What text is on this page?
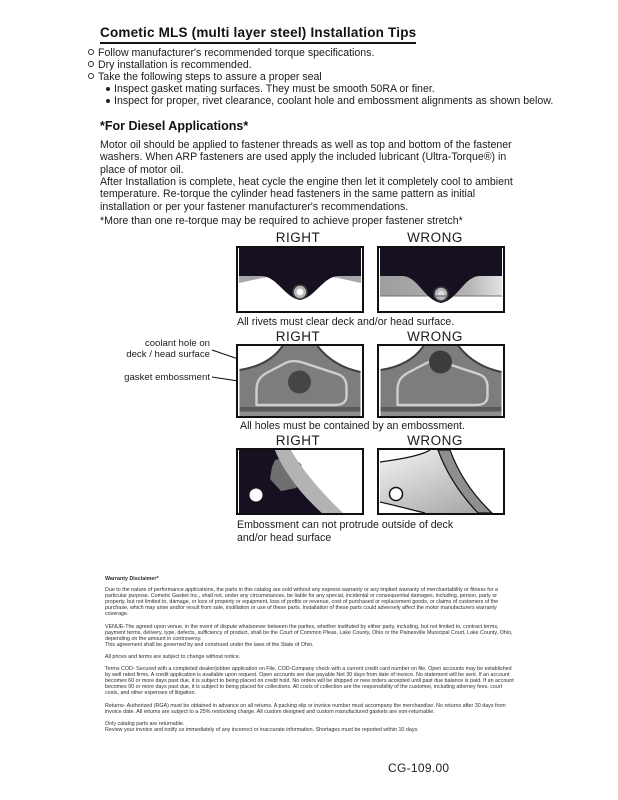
Cometic MLS (multi layer steel) Installation Tips
Follow manufacturer's recommended torque specifications.
Dry installation is recommended.
Take the following steps to assure a proper seal
Inspect gasket mating surfaces. They must be smooth 50RA or finer.
Inspect for proper, rivet clearance, coolant hole and embossment alignments as shown below.
*For Diesel Applications*

Motor oil should be applied to fastener threads as well as top and bottom of the fastener washers. When ARP fasteners are used apply the included lubricant (Ultra-Torque®) in place of motor oil.

After Installation is complete, heat cycle the engine then let it completely cool to ambient temperature. Re-torque the cylinder head fasteners in the same pattern as initial installation or per your fastener manufacturer's recommendations.

*More than one re-torque may be required to achieve proper fastener stretch*

RIGHT	WRONG
All rivets must clear deck and/or head surface.
coolant hole on
deck / head surface
gasket embossment
RIGHT	WRONG
All holes must be contained by an embossment.
RIGHT	WRONG
Embossment can not protrude outside of deck
and/or head surface
Warranty Disclaimer*

Due to the nature of performance applications, the parts in this catalog are sold without any express warranty or any implied warranty of merchantability or fitness for a particular purpose. Cometic Gasket Inc., shall not, under any circumstances, be liable for any special, incidental or consequential damages, including, person, party or property, but not limited to, damage, or loss of property or equipment, loss of profits or revenue, cost of purchased or replacement goods, or claims of customers of the purchase, which may arise and/or result from sale, instillation or use of these parts. Installation of these parts could adversely affect the motor manufacturers warranty coverage.

VENUE-The agreed upon venue, in the event of dispute whatsoever between the parties, whether instituted by either party, including, but not limited to, contract terms, payment terms, delivery, type, defects, sufficiency of product, shall be the Court of Common Pleas, Lake County, Ohio or the Painesville Municipal Court, Lake County, Ohio, depending on the amount in controversy.

This agreement shall be governed by and construed under the laws of the State of Ohio.

All prices and terms are subject to change without notice.

Terms COD- Secured with a completed dealer/jobber application on File, COD-Company check with a current credit card number on file. Open accounts may be established by well rated firms. A credit application is available upon request. Open accounts are due payable Net 30 days from date of invoice. No statement will be sent. If an account becomes 60 or more days past due, it is subject to being placed on credit hold. No orders will be shipped or new orders accepted until past due balance is paid. If an account becomes 90 or more days past due, it is subject to being placed for collections. All costs of collection are the responsibility of the customer, including attorney fees, court costs, and other expenses of litigation.

Returns- Authorized (RGA) must be obtained in advance on all returns. A packing slip or invoice number must accompany the merchandise. No returns after 30 days from invoice date. All returns are subject to a 25% restocking charge. All custom designed and custom manufactured gaskets are non-returnable.

Only catalog parts are returnable.

Review your invoice and notify us immediately of any incorrect or inaccurate information. Shortages must be reported within 10 days.

CG-109.00
